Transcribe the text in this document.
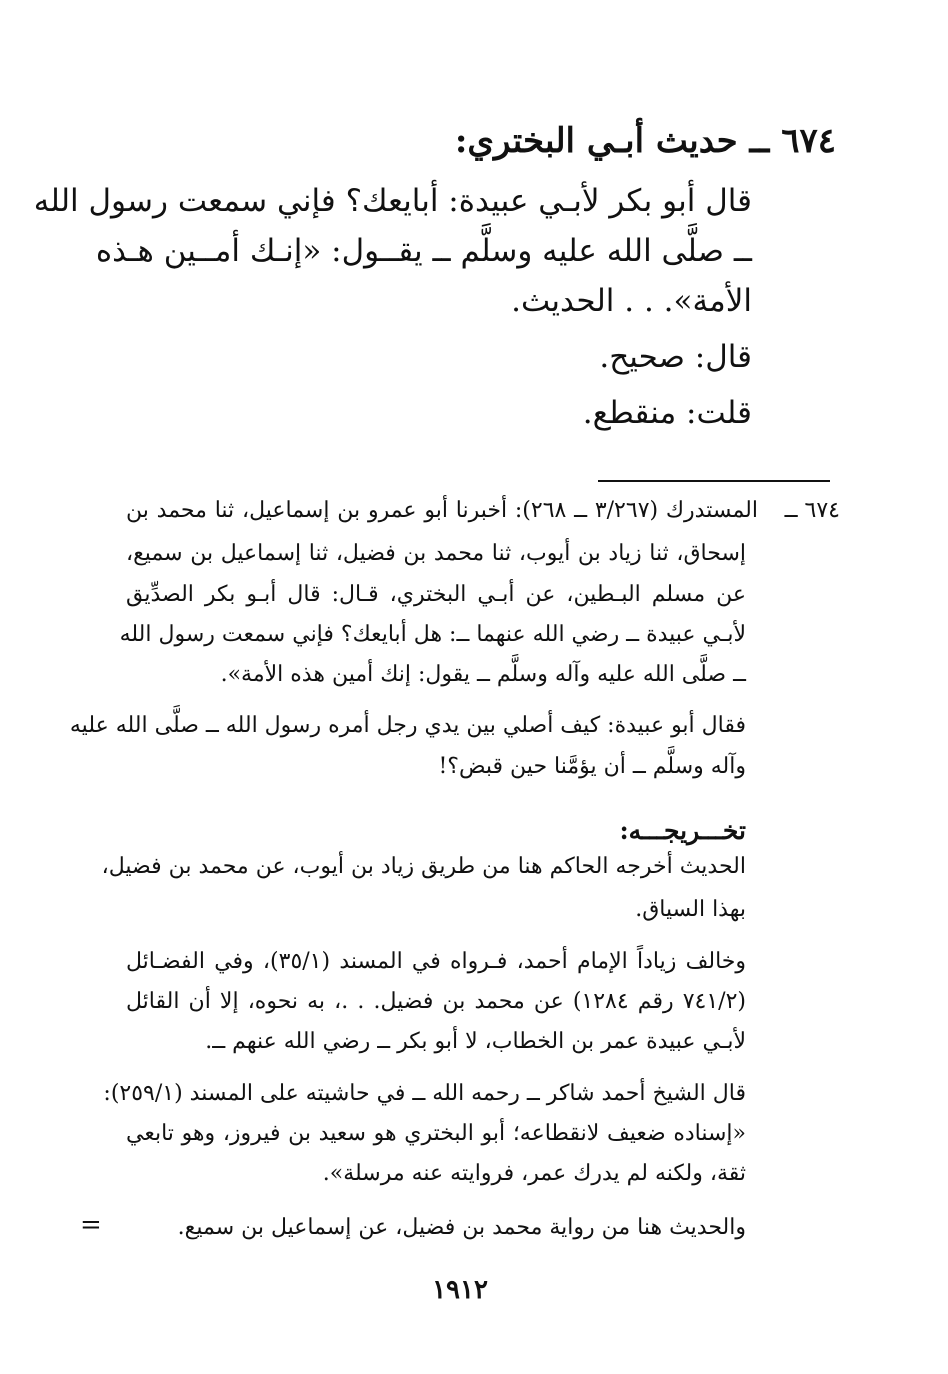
٦٧٤ ــ حديث أبـي البختري:
قال أبو بكر لأبـي عبيدة: أبايعك؟ فإني سمعت رسول الله
ــ صلَّى الله عليه وسلَّم ــ يقــول: «إنـك أمــين هـذه
الأمة». . . الحديث.
قال: صحيح.
قلت: منقطع.
٦٧٤ ــ
المستدرك (٣/٢٦٧ ــ ٢٦٨): أخبرنا أبو عمرو بن إسماعيل، ثنا محمد بن
إسحاق، ثنا زياد بن أيوب، ثنا محمد بن فضيل، ثنا إسماعيل بن سميع،
عن مسلم البـطين، عن أبـي البختري، قـال: قال أبـو بكر الصدِّيق
لأبـي عبيدة ــ رضي الله عنهما ــ: هل أبايعك؟ فإني سمعت رسول الله
ــ صلَّى الله عليه وآله وسلَّم ــ يقول: إنك أمين هذه الأمة».
فقال أبو عبيدة: كيف أصلي بين يدي رجل أمره رسول الله ــ صلَّى الله عليه
وآله وسلَّم ــ أن يؤمَّنا حين قبض؟!
تخـــريجـــه:
الحديث أخرجه الحاكم هنا من طريق زياد بن أيوب، عن محمد بن فضيل،
بهذا السياق.
وخالف زياداً الإمام أحمد، فـرواه في المسند (٣٥/١)، وفي الفضـائل
(٧٤١/٢ رقم ١٢٨٤) عن محمد بن فضيل. . .، به نحوه، إلا أن القائل
لأبـي عبيدة عمر بن الخطاب، لا أبو بكر ــ رضي الله عنهم ــ.
قال الشيخ أحمد شاكر ــ رحمه الله ــ في حاشيته على المسند (٢٥٩/١):
«إسناده ضعيف لانقطاعه؛ أبو البختري هو سعيد بن فيروز، وهو تابعي
ثقة، ولكنه لم يدرك عمر، فروايته عنه مرسلة».
والحديث هنا من رواية محمد بن فضيل، عن إسماعيل بن سميع.
=
١٩١٢
